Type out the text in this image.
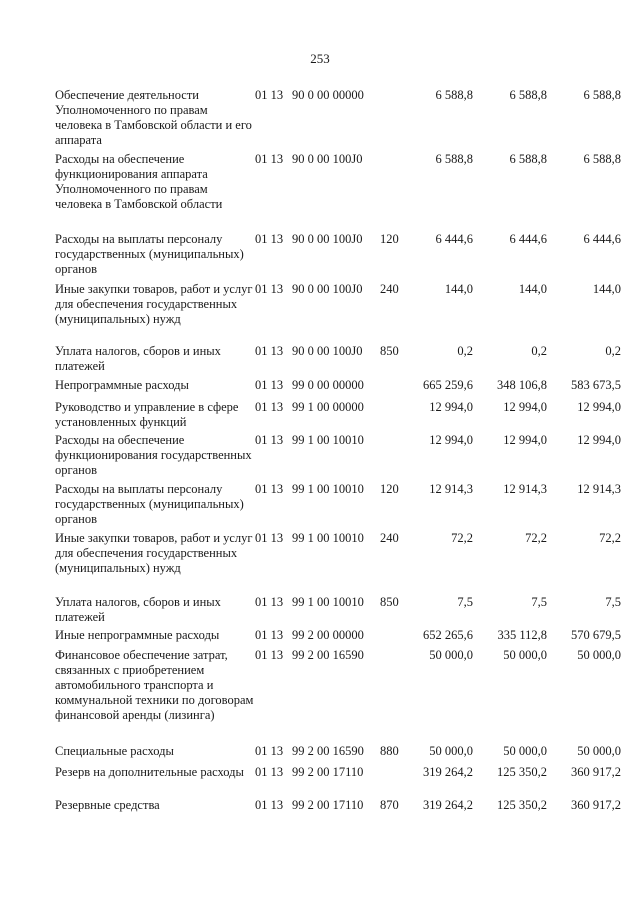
253
Обеспечение деятельности Уполномоченного по правам человека в Тамбовской области и его аппарата
01 13 90 0 00 00000	6 588,8	6 588,8	6 588,8
Расходы на обеспечение функционирования аппарата Уполномоченного по правам человека в Тамбовской области
01 13 90 0 00 100J0	6 588,8	6 588,8	6 588,8
Расходы на выплаты персоналу государственных (муниципальных) органов
01 13 90 0 00 100J0 120	6 444,6	6 444,6	6 444,6
Иные закупки товаров, работ и услуг для обеспечения государственных (муниципальных) нужд
01 13 90 0 00 100J0 240	144,0	144,0	144,0
Уплата налогов, сборов и иных платежей
01 13 90 0 00 100J0 850	0,2	0,2	0,2
Непрограммные расходы	01 13 99 0 00 00000	665 259,6	348 106,8	583 673,5
Руководство и управление в сфере установленных функций
01 13 99 1 00 00000	12 994,0	12 994,0	12 994,0
Расходы на обеспечение функционирования государственных органов
01 13 99 1 00 10010	12 994,0	12 994,0	12 994,0
Расходы на выплаты персоналу государственных (муниципальных) органов
01 13 99 1 00 10010 120	12 914,3	12 914,3	12 914,3
Иные закупки товаров, работ и услуг для обеспечения государственных (муниципальных) нужд
01 13 99 1 00 10010 240	72,2	72,2	72,2
Уплата налогов, сборов и иных платежей
01 13 99 1 00 10010 850	7,5	7,5	7,5
Иные непрограммные расходы	01 13 99 2 00 00000	652 265,6	335 112,8	570 679,5
Финансовое обеспечение затрат, связанных с приобретением автомобильного транспорта и коммунальной техники по договорам финансовой аренды (лизинга)
01 13 99 2 00 16590	50 000,0	50 000,0	50 000,0
Специальные расходы	01 13 99 2 00 16590 880	50 000,0	50 000,0	50 000,0
Резерв на дополнительные расходы 01 13 99 2 00 17110	319 264,2	125 350,2	360 917,2
Резервные средства	01 13 99 2 00 17110 870	319 264,2	125 350,2	360 917,2
